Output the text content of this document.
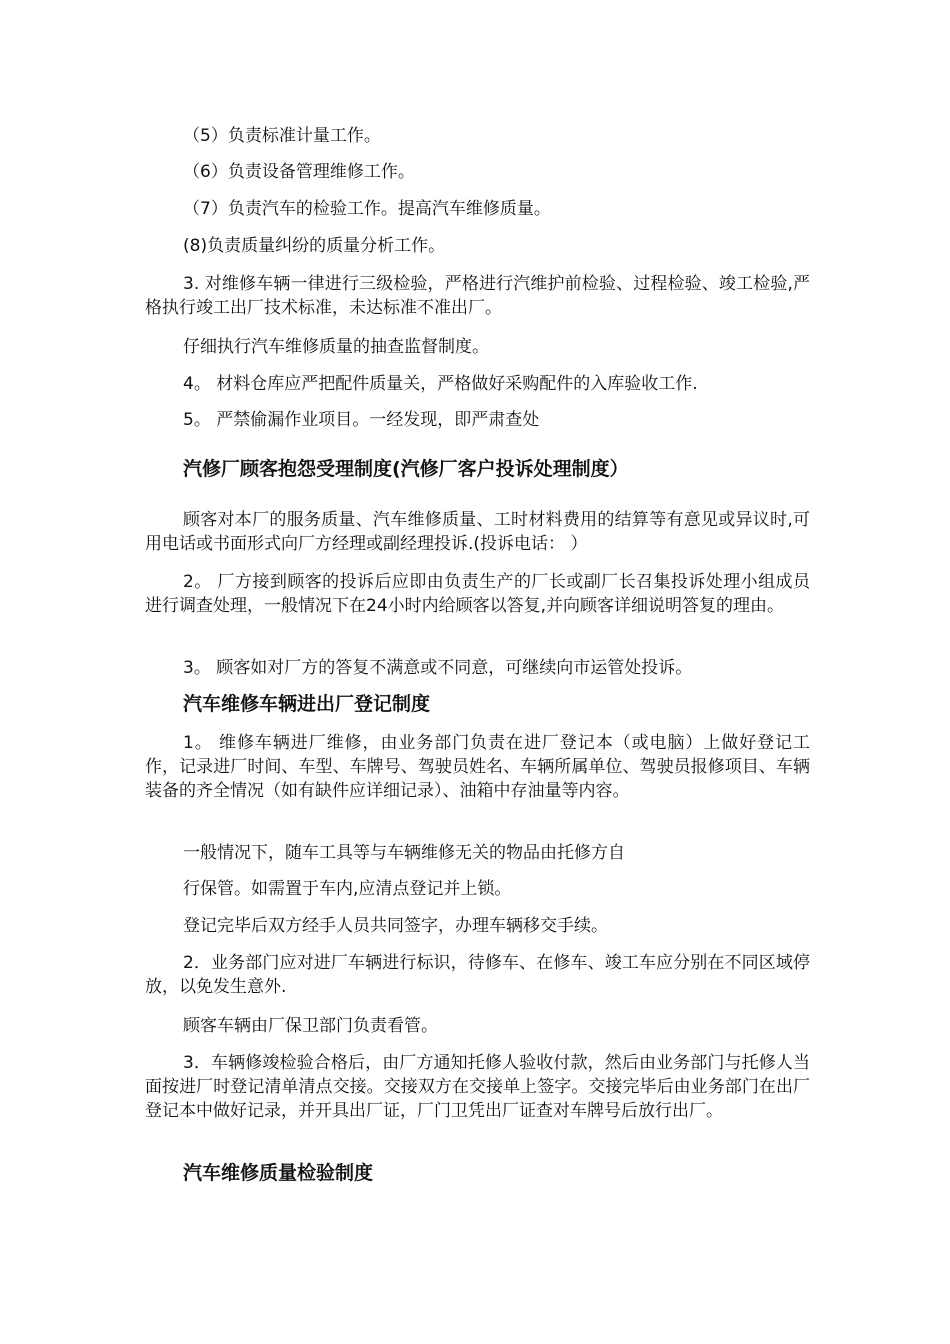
（5）负责标准计量工作。
（6）负责设备管理维修工作。
（7）负责汽车的检验工作。提高汽车维修质量。
(8)负责质量纠纷的质量分析工作。
3. 对维修车辆一律进行三级检验，严格进行汽维护前检验、过程检验、竣工检验,严格执行竣工出厂技术标准，未达标准不准出厂。
仔细执行汽车维修质量的抽查监督制度。
4。 材料仓库应严把配件质量关，严格做好采购配件的入库验收工作.
5。 严禁偷漏作业项目。一经发现，即严肃查处
汽修厂顾客抱怨受理制度(汽修厂客户投诉处理制度）
顾客对本厂的服务质量、汽车维修质量、工时材料费用的结算等有意见或异议时,可用电话或书面形式向厂方经理或副经理投诉.(投诉电话： ）
2。 厂方接到顾客的投诉后应即由负责生产的厂长或副厂长召集投诉处理小组成员进行调查处理，一般情况下在24小时内给顾客以答复,并向顾客详细说明答复的理由。
3。 顾客如对厂方的答复不满意或不同意，可继续向市运管处投诉。
汽车维修车辆进出厂登记制度
1。 维修车辆进厂维修，由业务部门负责在进厂登记本（或电脑）上做好登记工作，记录进厂时间、车型、车牌号、驾驶员姓名、车辆所属单位、驾驶员报修项目、车辆装备的齐全情况（如有缺件应详细记录）、油箱中存油量等内容。
一般情况下，随车工具等与车辆维修无关的物品由托修方自
行保管。如需置于车内,应清点登记并上锁。
登记完毕后双方经手人员共同签字，办理车辆移交手续。
2．业务部门应对进厂车辆进行标识，待修车、在修车、竣工车应分别在不同区域停放，以免发生意外.
顾客车辆由厂保卫部门负责看管。
3．车辆修竣检验合格后，由厂方通知托修人验收付款，然后由业务部门与托修人当面按进厂时登记清单清点交接。交接双方在交接单上签字。交接完毕后由业务部门在出厂登记本中做好记录，并开具出厂证，厂门卫凭出厂证查对车牌号后放行出厂。
汽车维修质量检验制度
